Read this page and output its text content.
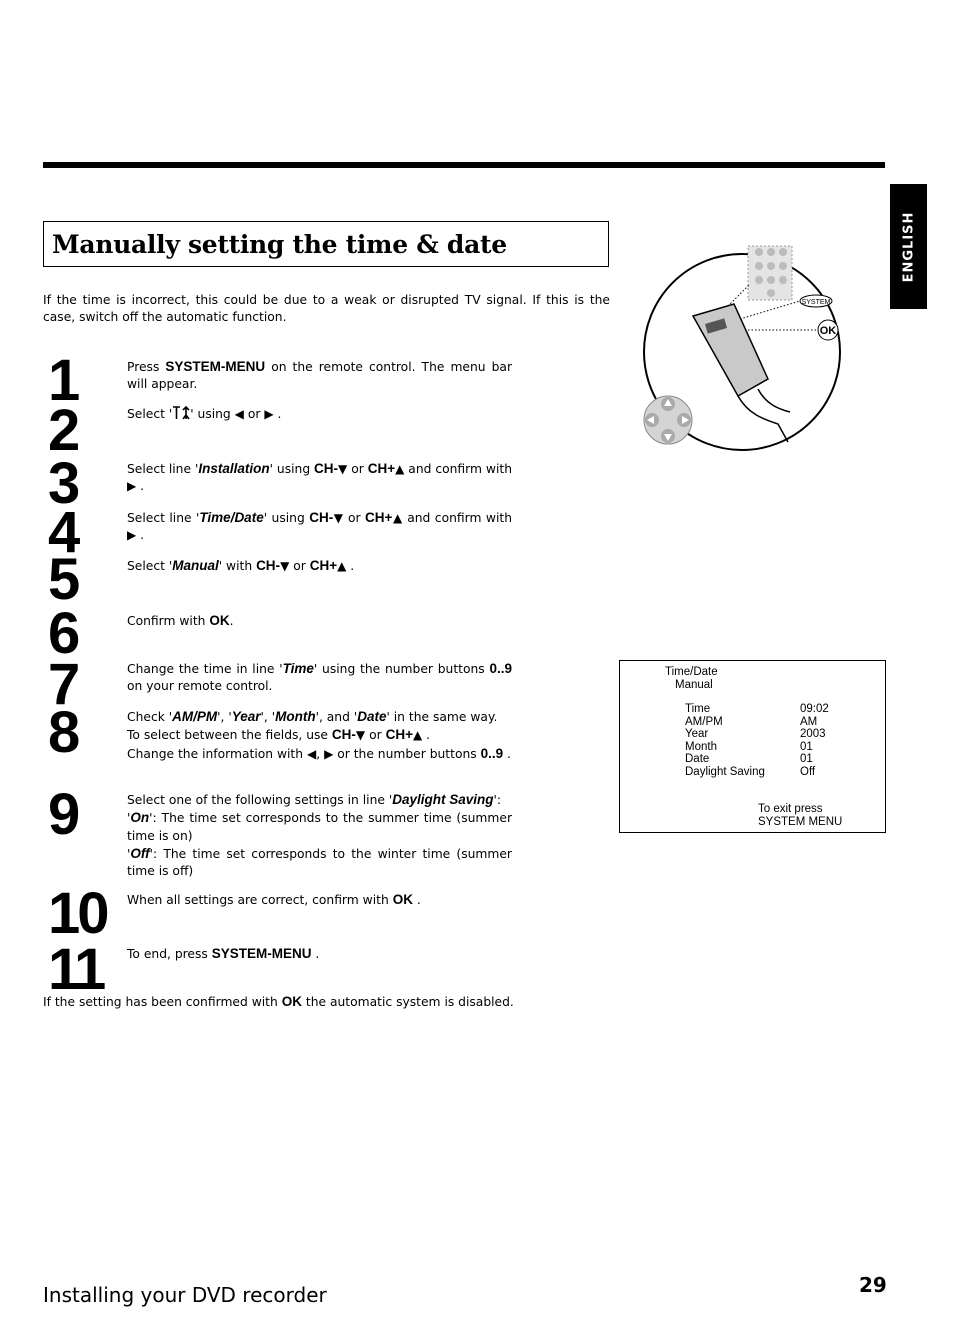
ENGLISH
Manually setting the time & date

If the time is incorrect, this could be due to a weak or disrupted TV signal. If this is the case, switch off the automatic function.

SYSTEM
OK
1
2
3
4
5
6
7
8
9
10
11
Press SYSTEM-MENU on the remote control. The menu bar will appear.
Select ' ' using ◀ or ▶ .
Select line 'Installation' using CH-▼ or CH+▲ and confirm with ▶ .
Select line 'Time/Date' using CH-▼ or CH+▲ and confirm with ▶ .
Select 'Manual' with CH-▼ or CH+▲ .
Confirm with OK.
Change the time in line 'Time' using the number buttons 0..9 on your remote control.
Check 'AM/PM', 'Year', 'Month', and 'Date' in the same way.
To select between the fields, use CH-▼ or CH+▲ .
Change the information with ◀, ▶ or the number buttons 0..9 .
Select one of the following settings in line 'Daylight Saving':
'On': The time set corresponds to the summer time (summer time is on)
'Off': The time set corresponds to the winter time (summer time is off)
When all settings are correct, confirm with OK .
To end, press SYSTEM-MENU .
If the setting has been confirmed with OK the automatic system is disabled.
Time/Date
Manual
Time	09:02
AM/PM	AM
Year	2003
Month	01
Date	01
Daylight Saving	Off
To exit press
SYSTEM MENU
Installing your DVD recorder	29
